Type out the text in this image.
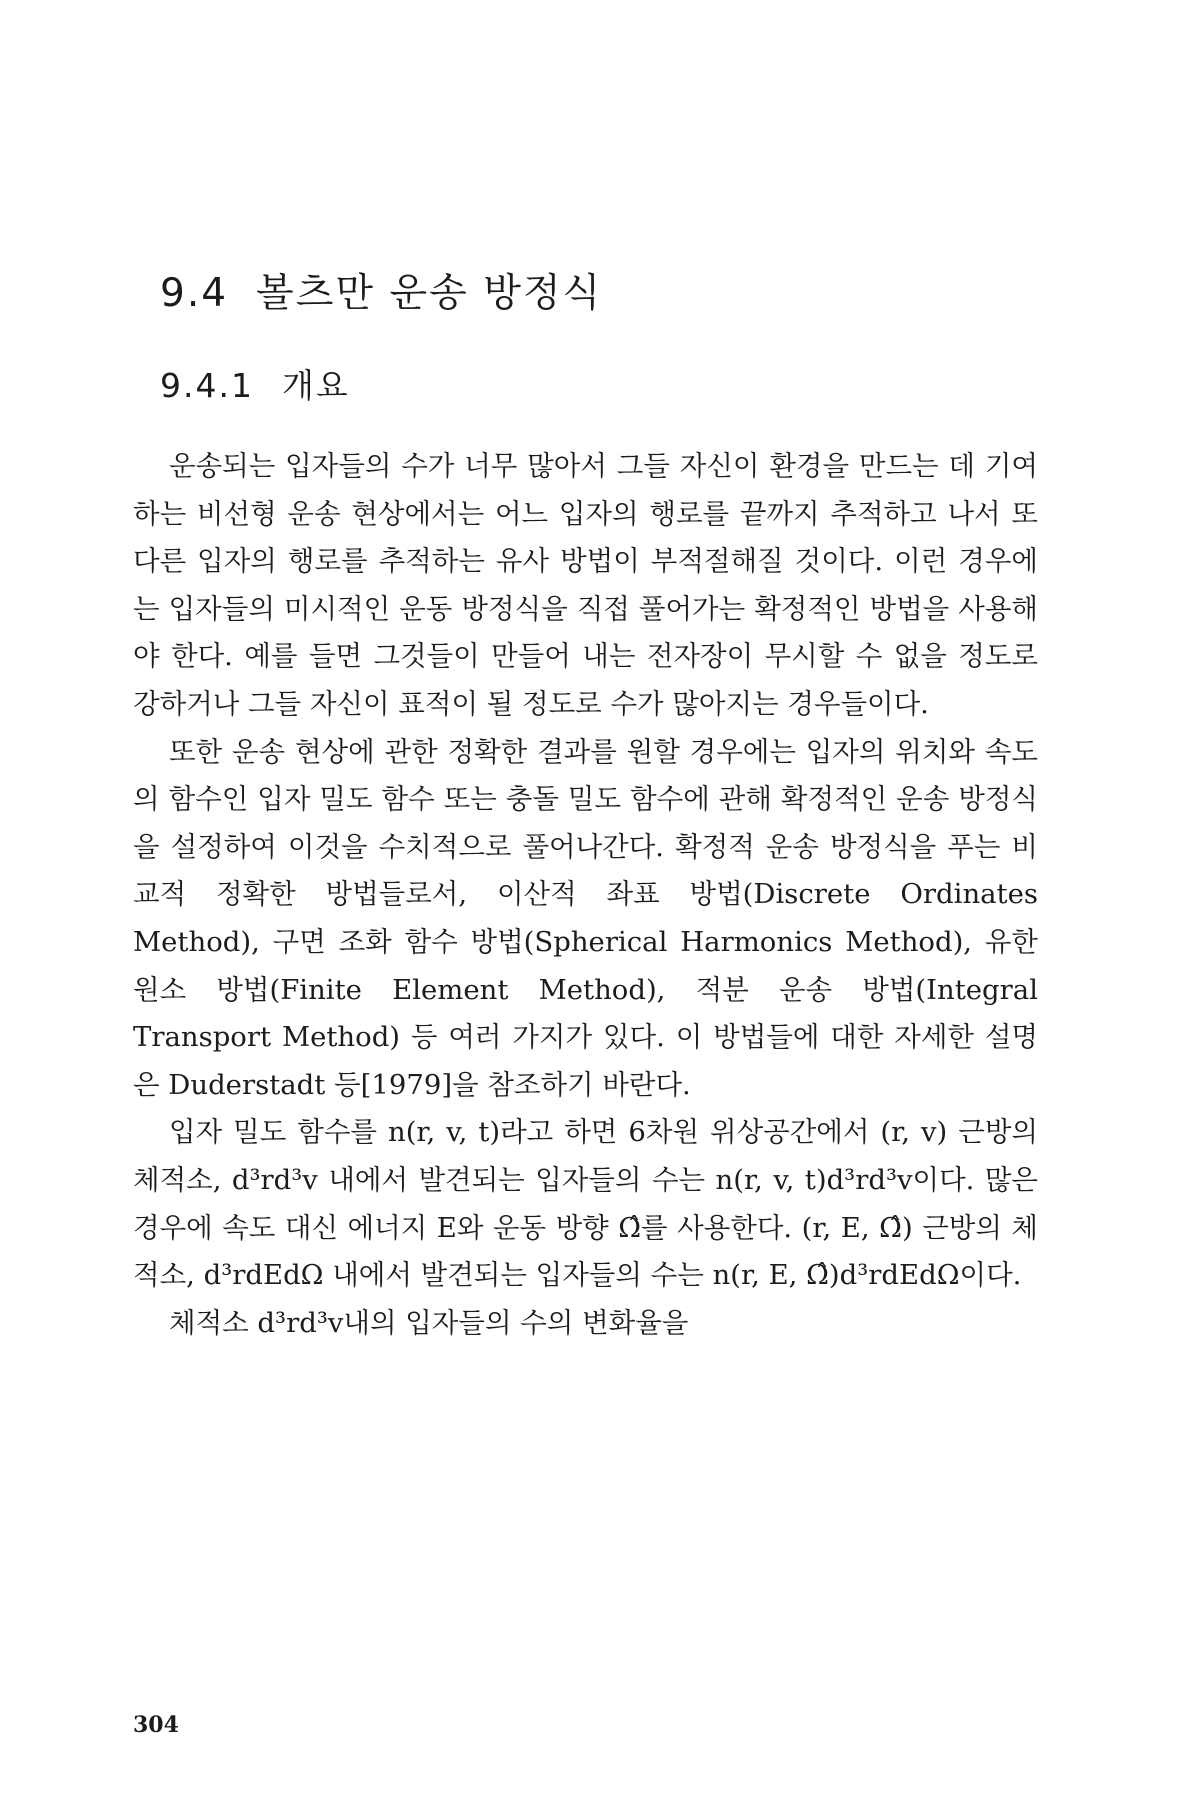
9.4 볼츠만 운송 방정식
9.4.1 개요

운송되는 입자들의 수가 너무 많아서 그들 자신이 환경을 만드는 데 기여하는 비선형 운송 현상에서는 어느 입자의 행로를 끝까지 추적하고 나서 또 다른 입자의 행로를 추적하는 유사 방법이 부적절해질 것이다. 이런 경우에는 입자들의 미시적인 운동 방정식을 직접 풀어가는 확정적인 방법을 사용해야 한다. 예를 들면 그것들이 만들어 내는 전자장이 무시할 수 없을 정도로 강하거나 그들 자신이 표적이 될 정도로 수가 많아지는 경우들이다.

또한 운송 현상에 관한 정확한 결과를 원할 경우에는 입자의 위치와 속도의 함수인 입자 밀도 함수 또는 충돌 밀도 함수에 관해 확정적인 운송 방정식을 설정하여 이것을 수치적으로 풀어나간다. 확정적 운송 방정식을 푸는 비교적 정확한 방법들로서, 이산적 좌표 방법(Discrete Ordinates Method), 구면 조화 함수 방법(Spherical Harmonics Method), 유한 원소 방법(Finite Element Method), 적분 운송 방법(Integral Transport Method) 등 여러 가지가 있다. 이 방법들에 대한 자세한 설명은 Duderstadt 등[1979]을 참조하기 바란다.

입자 밀도 함수를 n(r, v, t)라고 하면 6차원 위상공간에서 (r, v) 근방의 체적소, d³rd³v 내에서 발견되는 입자들의 수는 n(r, v, t)d³rd³v이다. 많은 경우에 속도 대신 에너지 E와 운동 방향 Ω̂를 사용한다. (r, E, Ω̂) 근방의 체적소, d³rdEdΩ 내에서 발견되는 입자들의 수는 n(r, E, Ω̂)d³rdEdΩ이다.

체적소 d³rd³v내의 입자들의 수의 변화율을

304
